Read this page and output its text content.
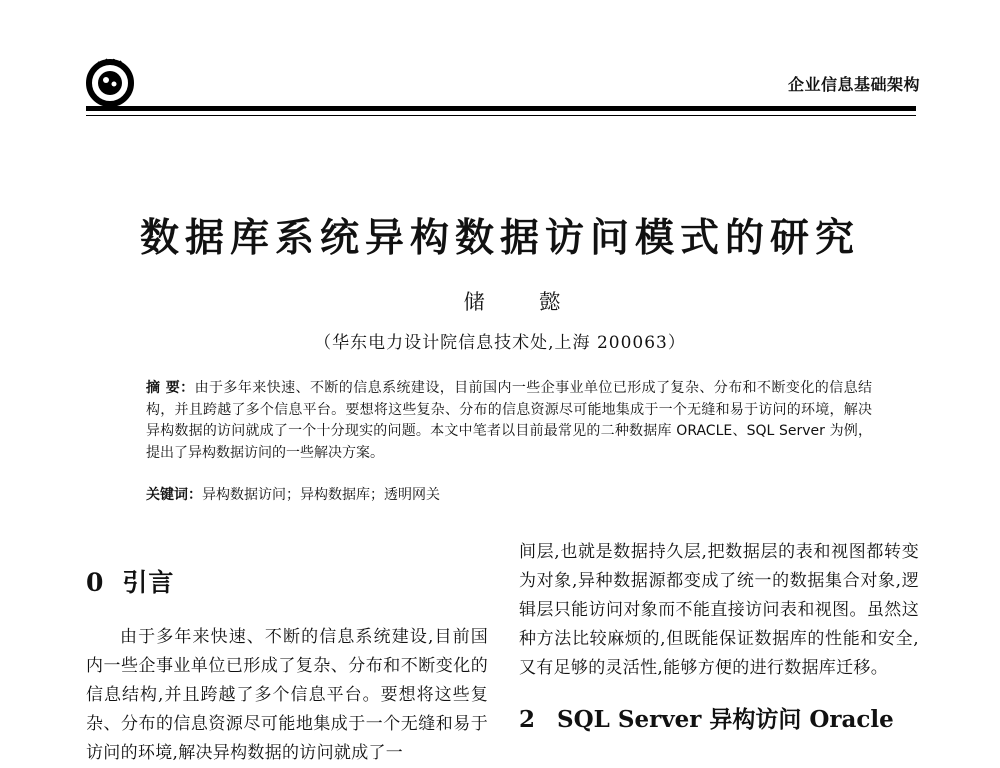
企业信息基础架构
数据库系统异构数据访问模式的研究
储 懿
（华东电力设计院信息技术处,上海 200063）
摘 要：由于多年来快速、不断的信息系统建设，目前国内一些企事业单位已形成了复杂、分布和不断变化的信息结构，并且跨越了多个信息平台。要想将这些复杂、分布的信息资源尽可能地集成于一个无缝和易于访问的环境，解决异构数据的访问就成了一个十分现实的问题。本文中笔者以目前最常见的二种数据库 ORACLE、SQL Server 为例，提出了异构数据访问的一些解决方案。
关键词：异构数据访问；异构数据库；透明网关
0 引言

由于多年来快速、不断的信息系统建设,目前国内一些企事业单位已形成了复杂、分布和不断变化的信息结构,并且跨越了多个信息平台。要想将这些复杂、分布的信息资源尽可能地集成于一个无缝和易于访问的环境,解决异构数据的访问就成了一

间层,也就是数据持久层,把数据层的表和视图都转变为对象,异种数据源都变成了统一的数据集合对象,逻辑层只能访问对象而不能直接访问表和视图。虽然这种方法比较麻烦的,但既能保证数据库的性能和安全,又有足够的灵活性,能够方便的进行数据库迁移。

2 SQL Server 异构访问 Oracle
